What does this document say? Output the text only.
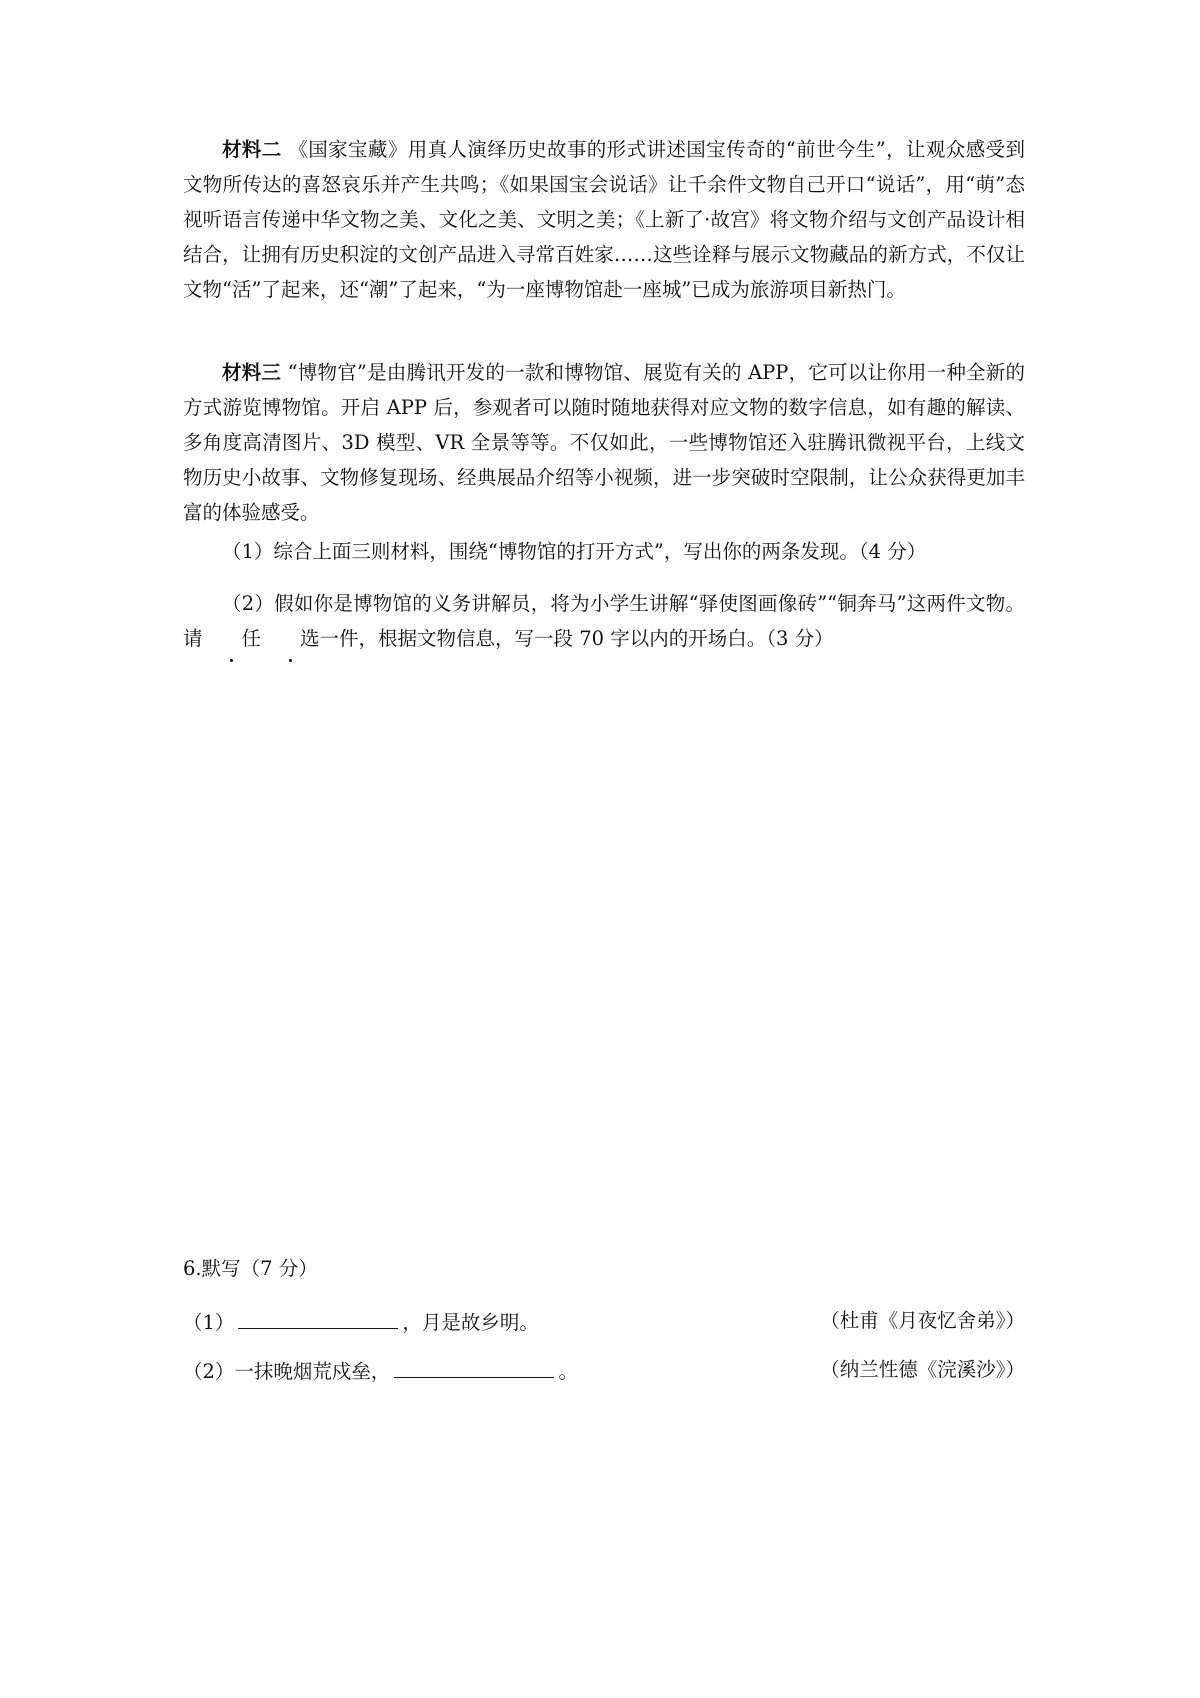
材料二 《国家宝藏》用真人演绎历史故事的形式讲述国宝传奇的“前世今生”，让观众感受到文物所传达的喜怒哀乐并产生共鸣；《如果国宝会说话》让千余件文物自己开口“说话”，用“萌”态视听语言传递中华文物之美、文化之美、文明之美；《上新了·故宫》将文物介绍与文创产品设计相结合，让拥有历史积淀的文创产品进入寻常百姓家……这些诠释与展示文物藏品的新方式，不仅让文物“活”了起来，还“潮”了起来，“为一座博物馆赴一座城”已成为旅游项目新热门。

材料三 “博物官”是由腾讯开发的一款和博物馆、展览有关的 APP，它可以让你用一种全新的方式游览博物馆。开启 APP 后，参观者可以随时随地获得对应文物的数字信息，如有趣的解读、多角度高清图片、3D 模型、VR 全景等等。不仅如此，一些博物馆还入驻腾讯微视平台，上线文物历史小故事、文物修复现场、经典展品介绍等小视频，进一步突破时空限制，让公众获得更加丰富的体验感受。

（1）综合上面三则材料，围绕“博物馆的打开方式”，写出你的两条发现。（4 分）

（2）假如你是博物馆的义务讲解员，将为小学生讲解“驿使图画像砖”“铜奔马”这两件文物。请 任 选一件，根据文物信息，写一段 70 字以内的开场白。（3 分）

6.默写（7 分）

（1）	，月是故乡明。	（杜甫《月夜忆舍弟》）
（2）一抹晚烟荒戍垒，	。	（纳兰性德《浣溪沙》）
